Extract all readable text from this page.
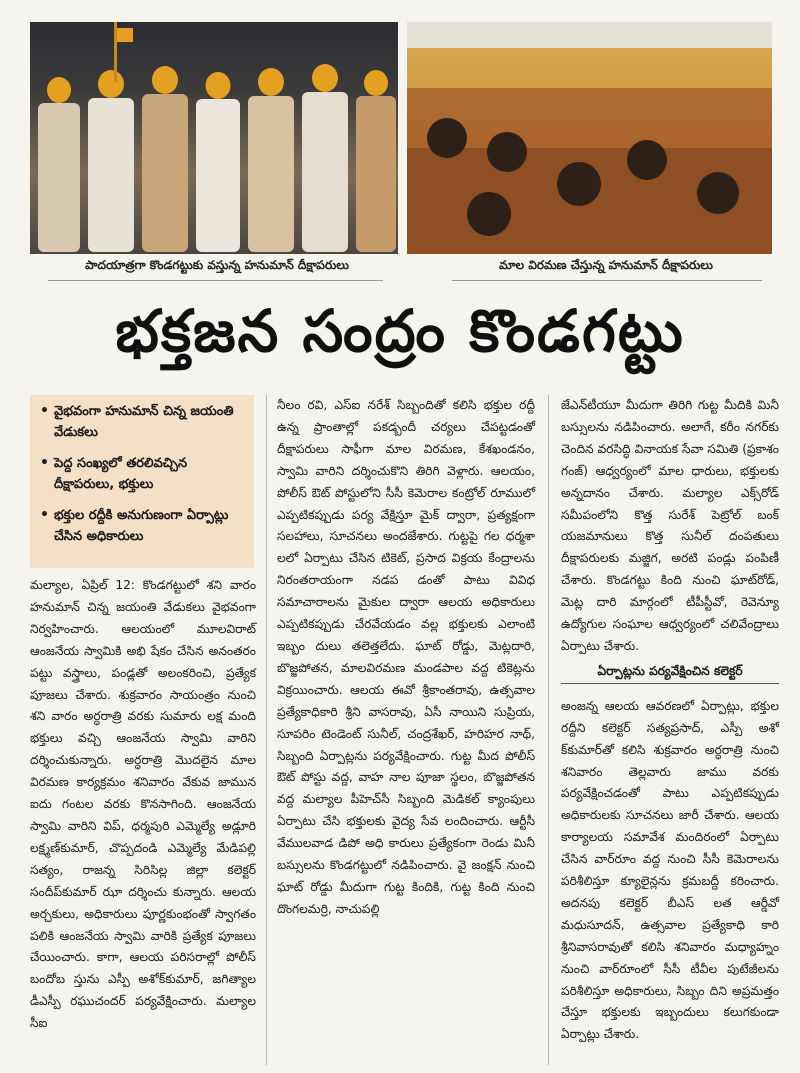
పాదయాత్రగా కొండగట్టుకు వస్తున్న హనుమాన్ దీక్షాపరులు	మాల విరమణ చేస్తున్న హనుమాన్ దీక్షాపరులు
భక్తజన సంద్రం కొండగట్టు
• వైభవంగా హనుమాన్ చిన్న జయంతి వేడుకలు
• పెద్ద సంఖ్యలో తరలివచ్చిన దీక్షాపరులు, భక్తులు
• భక్తుల రద్దీకి అనుగుణంగా ఏర్పాట్లు చేసిన అధికారులు

మల్యాల, ఏప్రిల్ 12: కొండగట్టులో శని వారం హనుమాన్ చిన్న జయంతి వేడుకలు వైభవంగా నిర్వహించారు. ఆలయంలో మూలవిరాట్ ఆంజనేయ స్వామికి అభి షేకం చేసిన అనంతరం పట్టు వస్త్రాలు, పండ్లతో అలంకరించి, ప్రత్యేక పూజలు చేశారు. శుక్రవారం సాయంత్రం నుంచి శని వారం అర్ధరాత్రి వరకు సుమారు లక్ష మంది భక్తులు వచ్చి ఆంజనేయ స్వామి వారిని దర్శించుకున్నారు. అర్ధరాత్రి మొదలైన మాల విరమణ కార్యక్రమం శనివారం వేకువ జామున ఐదు గంటల వరకు కొనసాగింది. ఆంజనేయ స్వామి వారిని విప్, ధర్మపురి ఎమ్మెల్యే అడ్లూరి లక్ష్మణ్‌కుమార్, చొప్పదండి ఎమ్మెల్యే మేడిపల్లి సత్యం, రాజన్న సిరిసిల్ల జిల్లా కలెక్టర్ సందీప్‌కుమార్ ఝా దర్శించు కున్నారు. ఆలయ అర్చకులు, అధికారులు పూర్ణకుంభంతో స్వాగతం పలికి ఆంజనేయ స్వామి వారికి ప్రత్యేక పూజలు చేయించారు. కాగా, ఆలయ పరిసరాల్లో పోలీస్ బందోబ స్తును ఎస్పీ అశోక్‌కుమార్, జగిత్యాల డీఎస్పీ రఘుచందర్ పర్యవేక్షించారు. మల్యాల సీఐ

నీలం రవి, ఎస్ఐ నరేశ్ సిబ్బందితో కలిసి భక్తుల రద్దీ ఉన్న ప్రాంతాల్లో పకడ్బందీ చర్యలు చేపట్టడంతో దీక్షాపరులు సాఫీగా మాల విరమణ, కేశఖండనం, స్వామి వారిని దర్శించుకొని తిరిగి వెళ్లారు. ఆలయం, పోలీస్ ఔట్ పోస్టులోని సీసీ కెమెరాల కంట్రోల్ రూములో ఎప్పటికప్పుడు పర్య వేక్షిస్తూ మైక్ ద్వారా, ప్రత్యక్షంగా సలహాలు, సూచనలు అందజేశారు. గుట్టపై గల ధర్మశా లలో ఏర్పాటు చేసిన టికెట్, ప్రసాద విక్రయ కేంద్రాలను నిరంతరాయంగా నడప డంతో పాటు వివిధ సమాచారాలను మైకుల ద్వారా ఆలయ అధికారులు ఎప్పటికప్పుడు చేరవేయడం వల్ల భక్తులకు ఎలాంటి ఇబ్బం దులు తలెత్తలేదు. ఘాట్ రోడ్డు, మెట్లదారి, బొజ్జపోతన, మాలవిరమణ మండపాల వద్ద టికెట్లను విక్రయించారు. ఆలయ ఈవో శ్రీకాంతరావు, ఉత్సవాల ప్రత్యేకాధికారి శ్రీని వాసరావు, ఏసీ నాయిని సుప్రియ, సూపరిం టెండెంట్ సునీల్, చంద్రశేఖర్, హరిహర నాథ్, సిబ్బంది ఏర్పాట్లను పర్యవేక్షించారు. గుట్ట మీద పోలీస్ ఔట్ పోస్టు వద్ద, వాహ నాల పూజా స్థలం, బొజ్జపోతన వద్ద మల్యాల పీహెచ్‌సీ సిబ్బంది మెడికల్ క్యాంపులు ఏర్పాటు చేసి భక్తులకు వైద్య సేవ లందించారు. ఆర్టీసీ వేములవాడ డిపో అధి కారులు ప్రత్యేకంగా రెండు మినీ బస్సులను కొండగట్టులో నడిపించారు. వై జంక్షన్ నుంచి ఘాట్ రోడ్డు మీదుగా గుట్ట కిందికి, గుట్ట కింది నుంచి దొంగలమర్రి, నాచుపల్లి

జేఎన్‌టీయూ మీదుగా తిరిగి గుట్ట మీదికి మినీ బస్సులను నడిపించారు. అలాగే, కరీం నగర్‌కు చెందిన వరసిద్ధి వినాయక సేవా సమితి (ప్రకాశం గంజ్) ఆధ్వర్యంలో మాల ధారులు, భక్తులకు అన్నదానం చేశారు. మల్యాల ఎక్స్‌రోడ్ సమీపంలోని కొత్త సురేశ్ పెట్రోల్ బంక్ యజమానులు కొత్త సునీల్ దంపతులు దీక్షాపరులకు మజ్జిగ, అరటి పండ్లు పంపిణీ చేశారు. కొండగట్టు కింది నుంచి ఘాట్‌రోడ్, మెట్ల దారి మార్గంలో టీపీస్టీవో, రెవెన్యూ ఉద్యోగుల సంఘాల ఆధ్వర్యంలో చలివేంద్రాలు ఏర్పాటు చేశారు.

ఏర్పాట్లను పర్యవేక్షించిన కలెక్టర్

అంజన్న ఆలయ ఆవరణలో ఏర్పాట్లు, భక్తుల రద్దీని కలెక్టర్ సత్యప్రసాద్, ఎస్పీ అశో క్‌కుమార్‌తో కలిసి శుక్రవారం అర్ధరాత్రి నుంచి శనివారం తెల్లవారు జాము వరకు పర్యవేక్షించడంతో పాటు ఎప్పటికప్పుడు అధికారులకు సూచనలు జారీ చేశారు. ఆలయ కార్యాలయ సమావేశ మందిరంలో ఏర్పాటు చేసిన వార్‌రూం వద్ద నుంచి సీసీ కెమెరాలను పరిశీలిస్తూ క్యూలైన్లను క్రమబద్దీ కరించారు. అదనపు కలెక్టర్ బీఎస్ లత ఆర్డీవో మధుసూదన్, ఉత్సవాల ప్రత్యేకాధి కారి శ్రీనివాసరావుతో కలిసి శనివారం మధ్యాహ్నం నుంచి వార్‌రూంలో సీసీ టీవీల పుటేజీలను పరిశీలిస్తూ అధికారులు, సిబ్బం దిని అప్రమత్తం చేస్తూ భక్తులకు ఇబ్బందులు కలుగకుండా ఏర్పాట్లు చేశారు.
